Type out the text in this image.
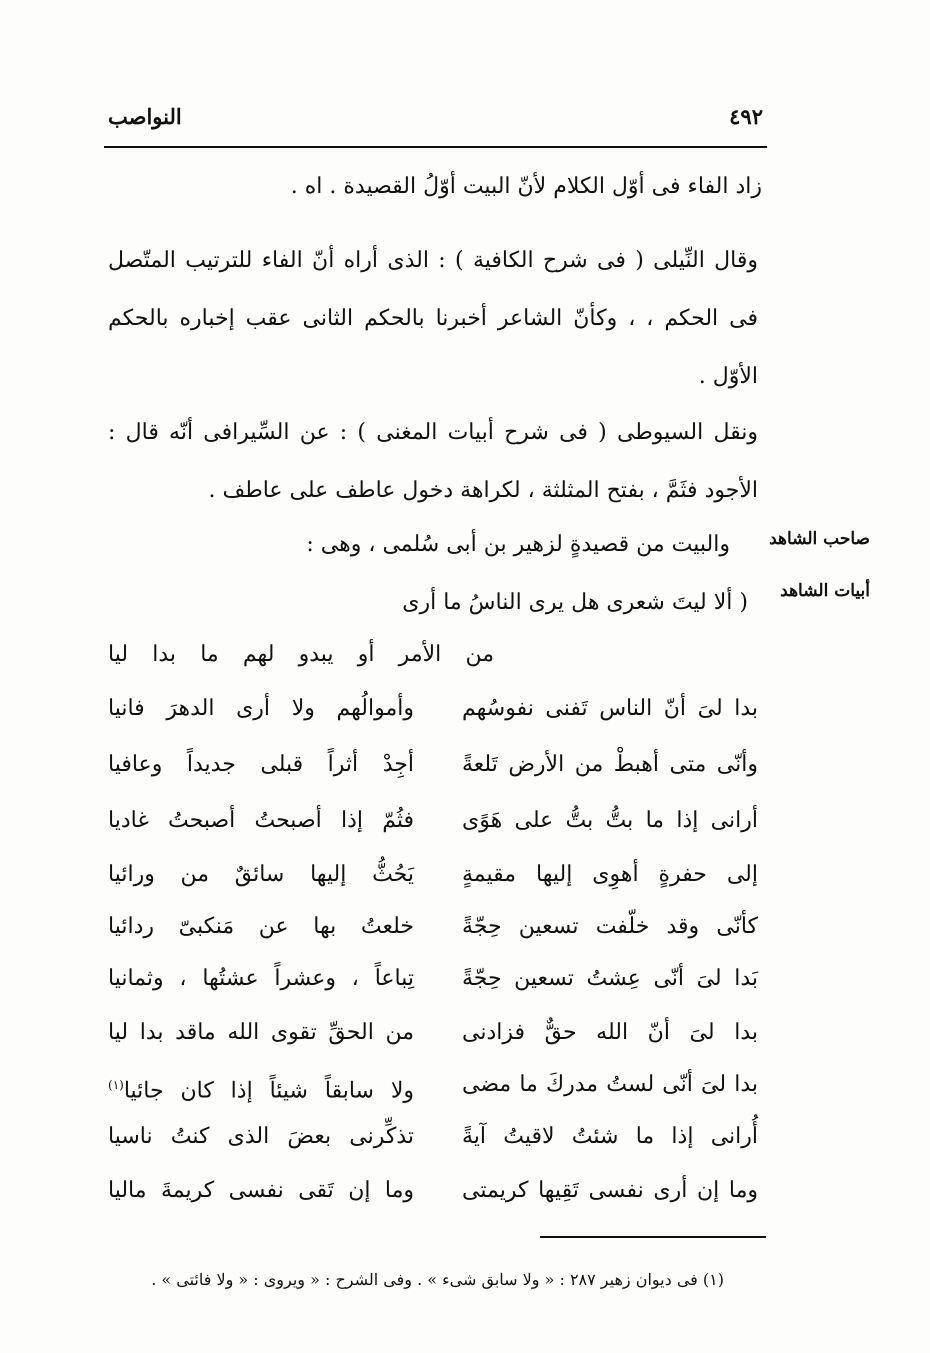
٤٩٢
النواصب

زاد الفاء فى أوّل الكلام لأنّ البيت أوّلُ القصيدة . اه .

وقال النِّيلى ( فى شرح الكافية ) : الذى أراه أنّ الفاء للترتيب المتّصل فى الحكم ، ، وكأنّ الشاعر أخبرنا بالحكم الثانى عقب إخباره بالحكم الأوّل .

ونقل السيوطى ( فى شرح أبيات المغنى ) : عن السِّيرافى أنّه قال : الأجود فثَمَّ ، بفتح المثلثة ، لكراهة دخول عاطف على عاطف .

والبيت من قصيدةٍ لزهير بن أبى سُلمى ، وهى :	صاحب الشاهد
أبيات الشاهد
( ألا ليتَ شعرى هل يرى الناسُ ما أرى
من الأمر أو يبدو لهم ما بدا ليا
بدا لىَ أنّ الناس تَفنى نفوسُهم
وأموالُهم ولا أرى الدهرَ فانيا
وأنّى متى أهبطْ من الأرض تَلعةً
أجِدْ أثراً قبلى جديداً وعافيا
أرانى إذا ما بتُّ بتُّ على هَوًى
فثُمّ إذا أصبحتُ أصبحتُ غاديا
إلى حفرةٍ أهوِى إليها مقيمةٍ
يَحُثُّ إليها سائقٌ من ورائيا
كأنّى وقد خلّفت تسعين حِجّةً
خلعتُ بها عن مَنكبىّ ردائيا
بَدا لىَ أنّى عِشتُ تسعين حِجّةً
تِباعاً ، وعشراً عشتُها ، وثمانيا
بدا لىَ أنّ الله حقٌّ فزادنى
من الحقِّ تقوى الله ماقد بدا ليا
بدا لىَ أنّى لستُ مدركَ ما مضى
ولا سابقاً شيئاً إذا كان جائيا$^{(١)}$
أُرانى إذا ما شئتُ لاقيتُ آيةً
تذكِّرنى بعضَ الذى كنتُ ناسيا
وما إن أرى نفسى تَقِيها كريمتى
وما إن تَقى نفسى كريمةَ ماليا
(١) فى ديوان زهير ٢٨٧ : « ولا سابق شىء » . وفى الشرح : « ويروى : « ولا فائتى » .
